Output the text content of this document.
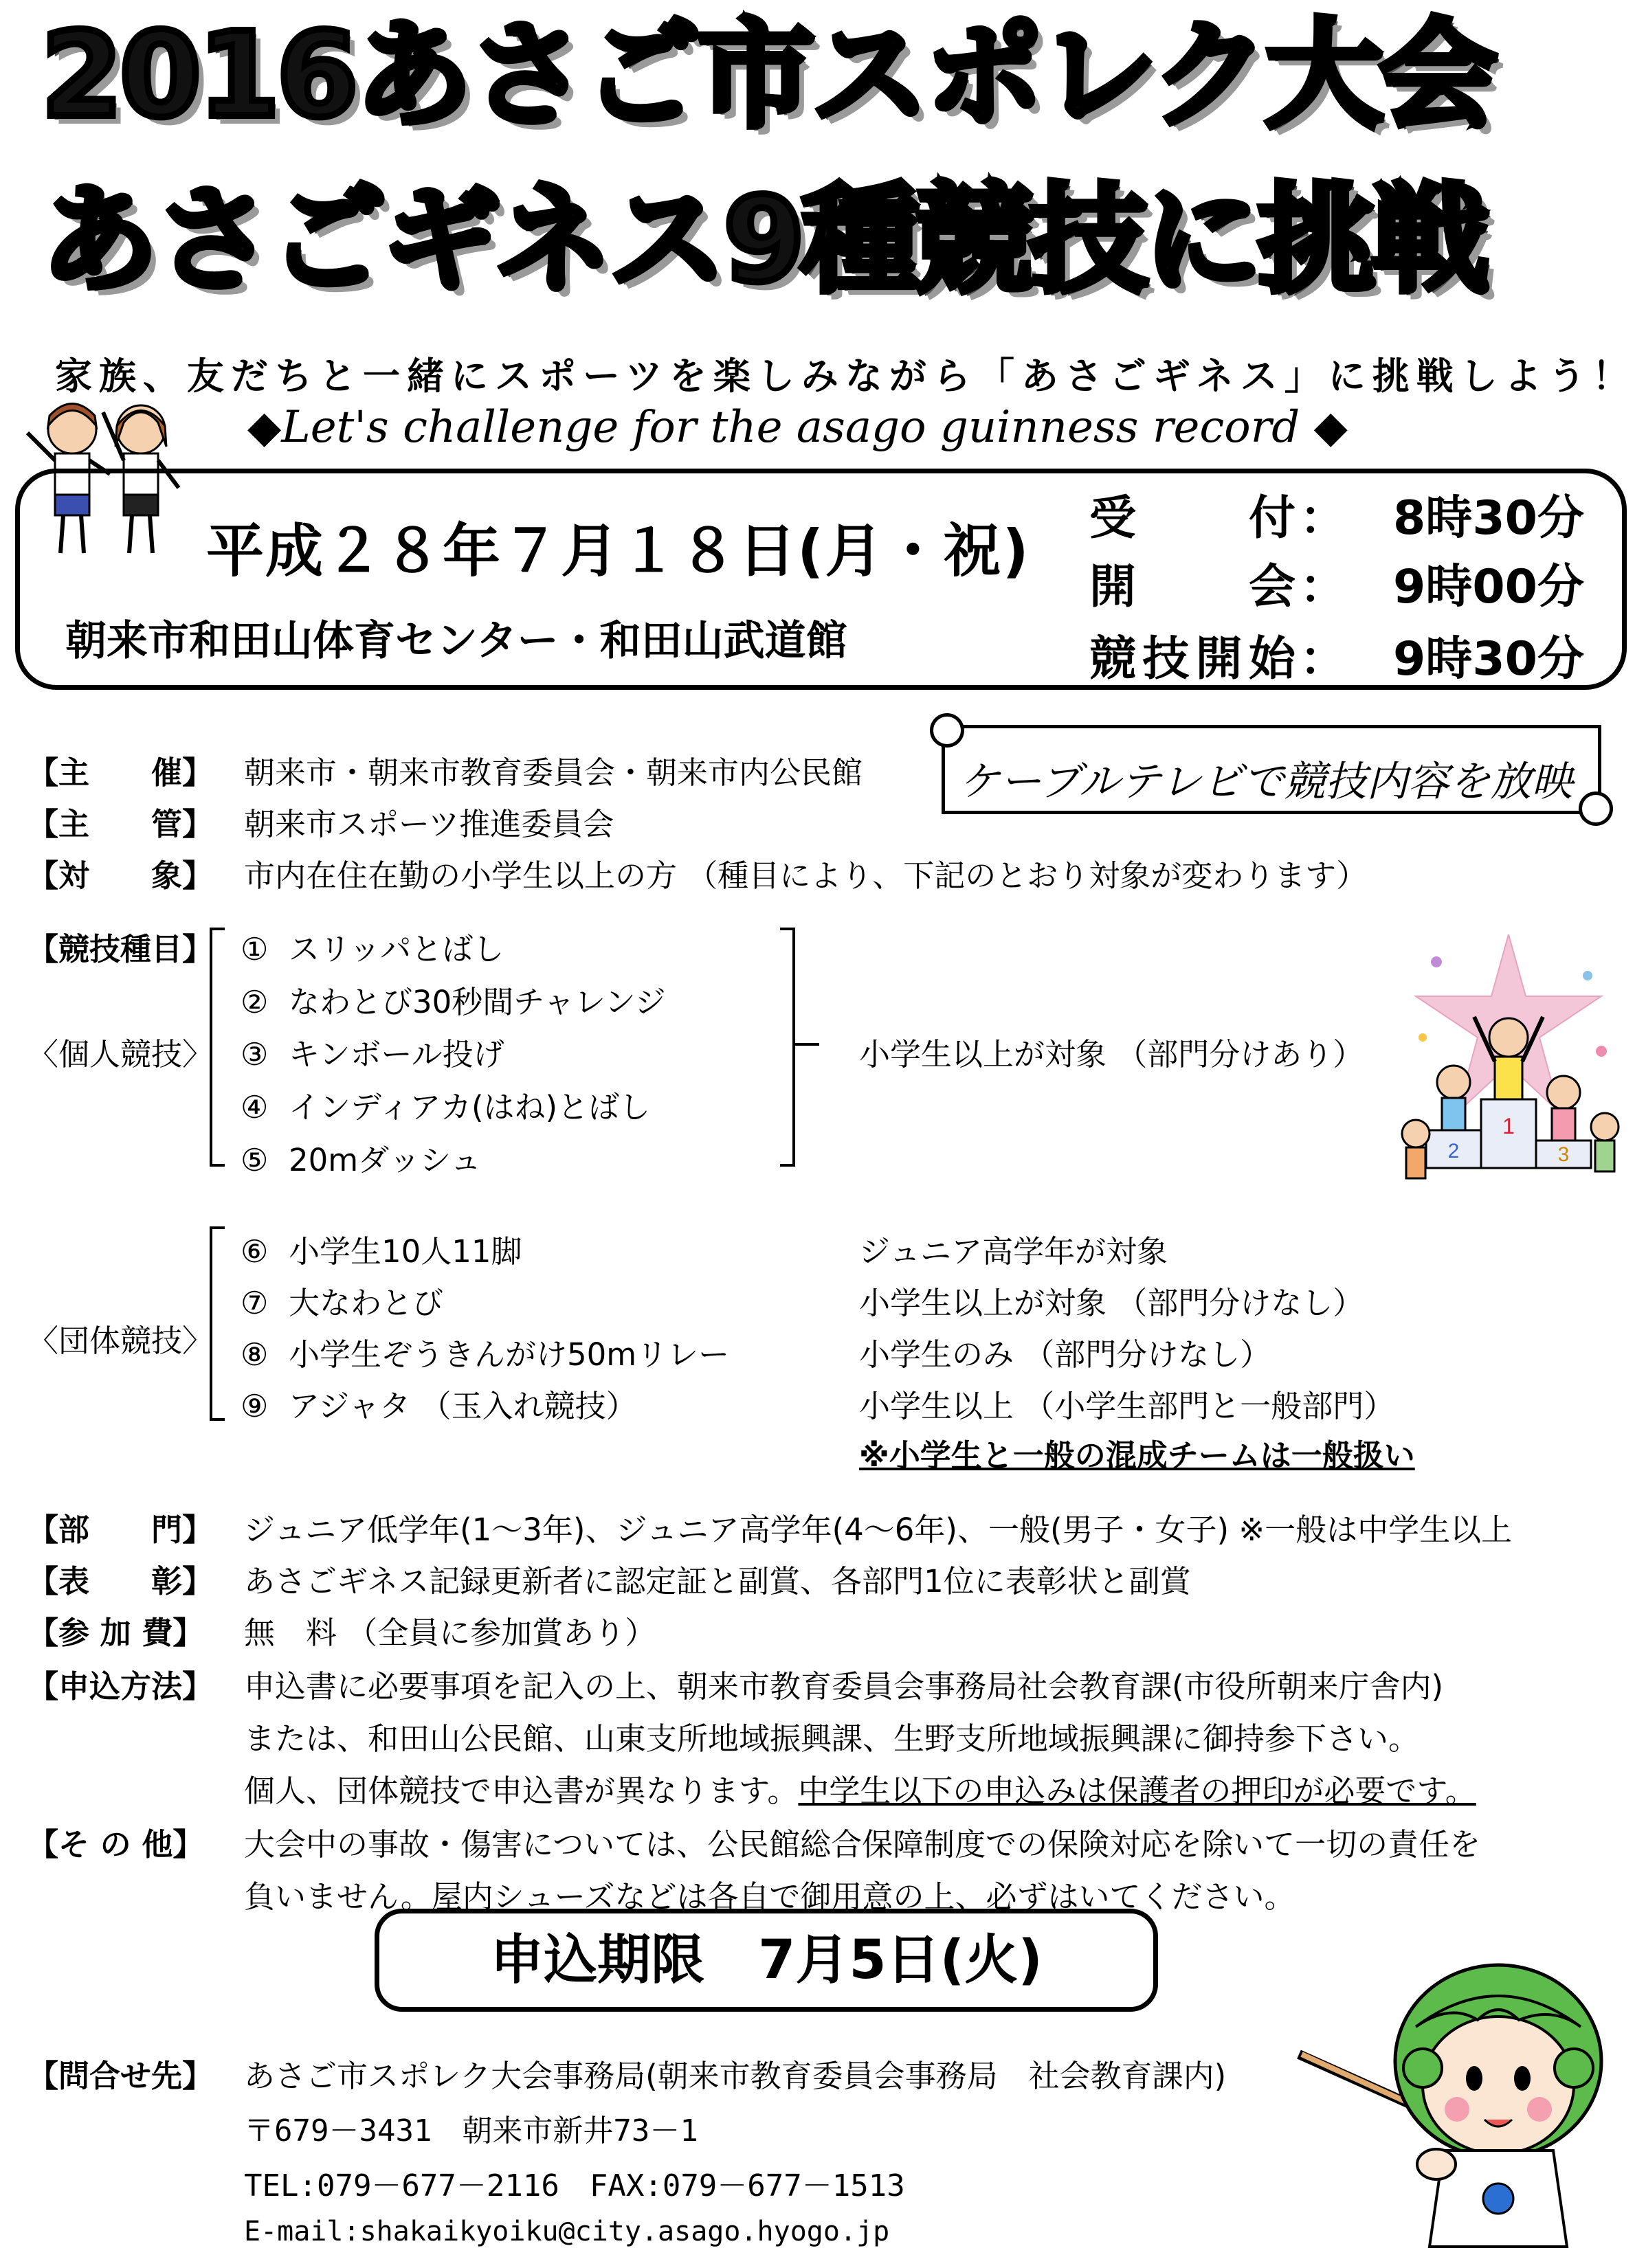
2016あさご市スポレク大会
あさごギネス9種競技に挑戦
家族、友だちと一緒にスポーツを楽しみながら「あさごギネス」に挑戦しよう！
◆Let's challenge for the asago guinness record ◆
平成２８年７月１８日(月・祝)
朝来市和田山体育センター・和田山武道館
受付： 8時30分
開会： 9時00分
競技開始： 9時30分
ケーブルテレビで競技内容を放映
【主　　催】 朝来市・朝来市教育委員会・朝来市内公民館
【主　　管】 朝来市スポーツ推進委員会
【対　　象】 市内在住在勤の小学生以上の方 （種目により、下記のとおり対象が変わります）
【競技種目】
〈個人競技〉
〈団体競技〉
① スリッパとばし
② なわとび30秒間チャレンジ
③ キンボール投げ
④ インディアカ(はね)とばし
⑤ 20mダッシュ
小学生以上が対象 （部門分けあり）
⑥ 小学生10人11脚	ジュニア高学年が対象
⑦ 大なわとび	小学生以上が対象 （部門分けなし）
⑧ 小学生ぞうきんがけ50mリレー	小学生のみ （部門分けなし）
⑨ アジャタ （玉入れ競技）	小学生以上 （小学生部門と一般部門）
※小学生と一般の混成チームは一般扱い
1
2	3
【部　　門】 ジュニア低学年(1～3年)、ジュニア高学年(4～6年)、一般(男子・女子) ※一般は中学生以上
【表　　彰】 あさごギネス記録更新者に認定証と副賞、各部門1位に表彰状と副賞
【参 加 費】 無　料 （全員に参加賞あり）
【申込方法】 申込書に必要事項を記入の上、朝来市教育委員会事務局社会教育課(市役所朝来庁舎内)
または、和田山公民館、山東支所地域振興課、生野支所地域振興課に御持参下さい。
個人、団体競技で申込書が異なります。中学生以下の申込みは保護者の押印が必要です。
【そ の 他】 大会中の事故・傷害については、公民館総合保障制度での保険対応を除いて一切の責任を
負いません。屋内シューズなどは各自で御用意の上、必ずはいてください。
申込期限　7月5日(火)
【問合せ先】 あさご市スポレク大会事務局(朝来市教育委員会事務局　社会教育課内)
〒679－3431　朝来市新井73－1
TEL:079－677－2116　FAX:079－677－1513
E-mail:shakaikyoiku@city.asago.hyogo.jp
